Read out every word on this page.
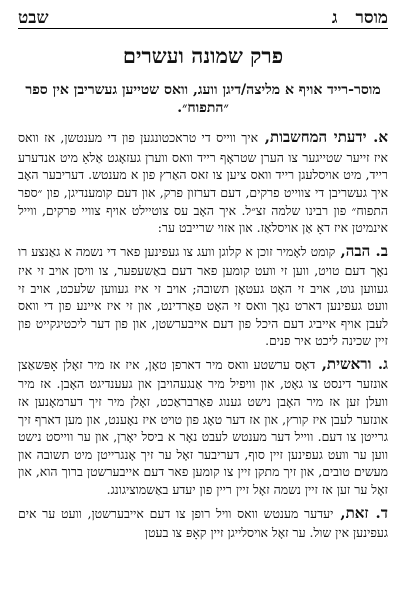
שבט	מוסר
ג
פרק שמונה ועשרים
מוסר-רייד אויף א מליצה/דיגן וועג, וואס שטייען געשריבן אין ספר ״התפוח״.

א. ידעתי המחשבות, איך ווייס די טראכטונגען פון די מענטשן, אז וואס איז זייער שטייגער צו הערן שטראָף רייד וואס ווערן געזאָגט אַלאַ מיט אנדערע רייד, מיט אויסלעגן רייד וואס ציען צו זאס האַרץ פון א מענטש. דעריבער האָב איך געשריבן די צווייט פרקים, דעם דערזון פרק, און דעם קומענדיגן, פון ״ספר התפוח״ פון רבינו שלמה זצ״ל. איך האָב עס צוטיילט אויף צוויי פרקים, ווייל אינמיטן איז דאָ אַן אויסלאַז. און אזוי שרייבט ער:

ב. הבה, קומט לאָמיר זוכן א קלוגן וועג צו געפינען פאר די נשמה א גאַנצע רו נאָך דעם טויט, ווען זי וועט קומען פאר דעם באַשעפער, צו וויסן אויב זי איז געווען גוט, אויב זי האָט געטאָן תשובה; אויב זי איז געווען שלעכט, אויב זי וועט געפינען דארט נאָך וואס זי האָט פאַרדינט, און זי איז איינע פון די וואס לעבן אויף אייביג דעם היכל פון דעם אייבערשטן, און פון דער ליכטיגקייט פון זיין שכינה ליכט איר פנים.

ג. וראשית, דאָס ערשטע וואס מיר דארפן טאָן, איז אז מיר זאָלן אָפּשאַצן אונזער דינסט צו גאָט, און וויפיל מיר אַנגעהויבן און געענדיגט האָבן. אז מיר וועלן זען אז מיר האָבן נישט גענוג פאַרבראַכט, זאָלן מיר זיך דערמאָנען אז אונזער לעבן איז קורץ, און אז דער טאָג פון טויט איז נאָענט, און מען דארף זיך גרייטן צו דעם. ווייל דער מענטש לעבט נאָר א ביסל יאָרן, און ער ווייסט נישט ווען ער וועט געפינען זיין סוף, דעריבער זאָל ער זיך אָנגרייטן מיט תשובה און מעשים טובים, און זיך מתקן זיין צו קומען פאר דעם אייבערשטן ברוך הוא, און זאָל ער זען אז זיין נשמה זאָל זיין ריין פון יעדע באַשמוציגונג.

ד. זאת, יעדער מענטש וואס וויל רופן צו דעם אייבערשטן, וועט ער אים געפינען אין שול. ער זאָל אויסלייגן זיין קאָפּ צו בעטן
